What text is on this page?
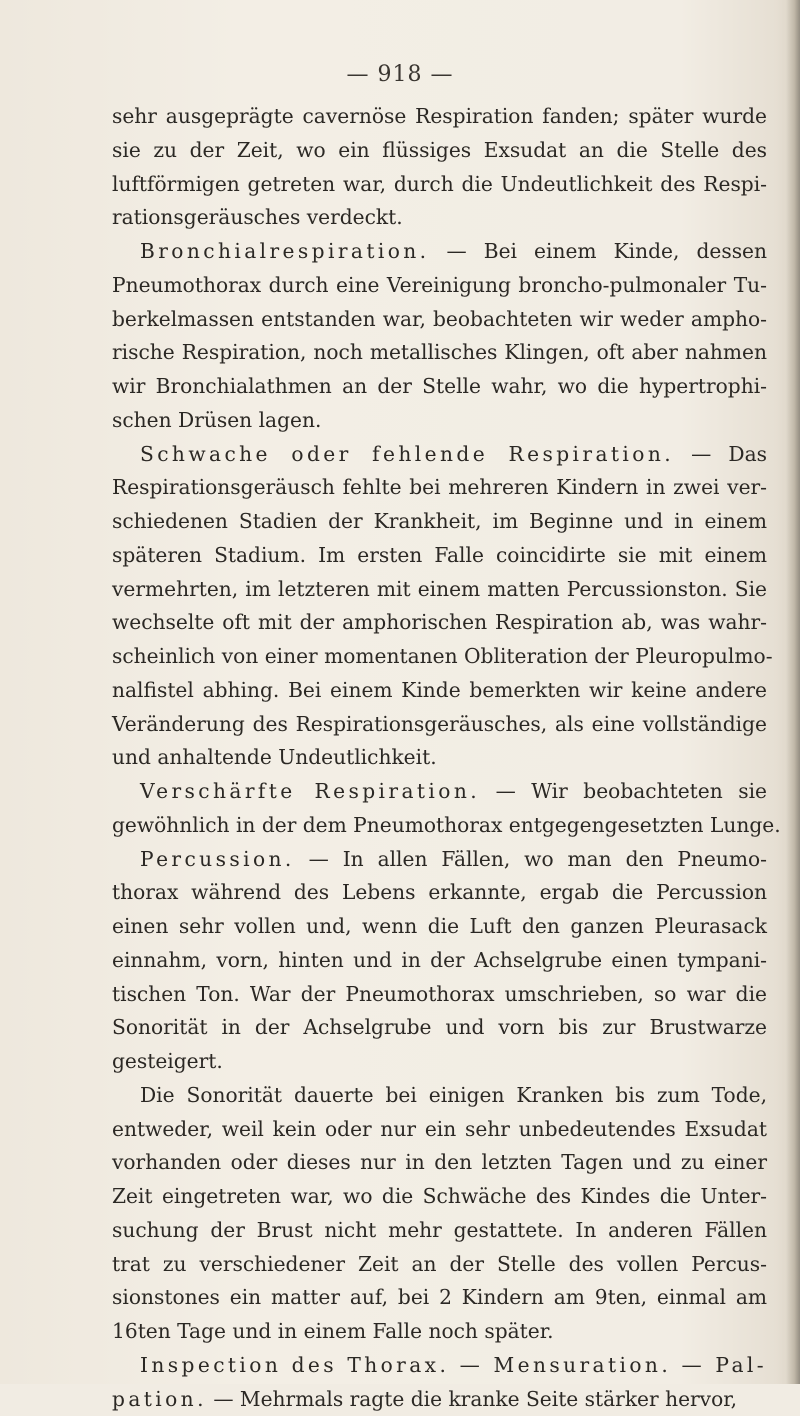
— 918 —
sehr ausgeprägte cavernöse Respiration fanden; später wurde
sie zu der Zeit, wo ein flüssiges Exsudat an die Stelle des
luftförmigen getreten war, durch die Undeutlichkeit des Respi-
rationsgeräusches verdeckt.
Bronchialrespiration. — Bei einem Kinde, dessen
Pneumothorax durch eine Vereinigung broncho-pulmonaler Tu-
berkelmassen entstanden war, beobachteten wir weder ampho-
rische Respiration, noch metallisches Klingen, oft aber nahmen
wir Bronchialathmen an der Stelle wahr, wo die hypertrophi-
schen Drüsen lagen.
Schwache oder fehlende Respiration. — Das
Respirationsgeräusch fehlte bei mehreren Kindern in zwei ver-
schiedenen Stadien der Krankheit, im Beginne und in einem
späteren Stadium. Im ersten Falle coincidirte sie mit einem
vermehrten, im letzteren mit einem matten Percussionston. Sie
wechselte oft mit der amphorischen Respiration ab, was wahr-
scheinlich von einer momentanen Obliteration der Pleuropulmo-
nalfistel abhing. Bei einem Kinde bemerkten wir keine andere
Veränderung des Respirationsgeräusches, als eine vollständige
und anhaltende Undeutlichkeit.
Verschärfte Respiration. — Wir beobachteten sie
gewöhnlich in der dem Pneumothorax entgegengesetzten Lunge.
Percussion. — In allen Fällen, wo man den Pneumo-
thorax während des Lebens erkannte, ergab die Percussion
einen sehr vollen und, wenn die Luft den ganzen Pleurasack
einnahm, vorn, hinten und in der Achselgrube einen tympani-
tischen Ton. War der Pneumothorax umschrieben, so war die
Sonorität in der Achselgrube und vorn bis zur Brustwarze
gesteigert.
Die Sonorität dauerte bei einigen Kranken bis zum Tode,
entweder, weil kein oder nur ein sehr unbedeutendes Exsudat
vorhanden oder dieses nur in den letzten Tagen und zu einer
Zeit eingetreten war, wo die Schwäche des Kindes die Unter-
suchung der Brust nicht mehr gestattete. In anderen Fällen
trat zu verschiedener Zeit an der Stelle des vollen Percus-
sionstones ein matter auf, bei 2 Kindern am 9ten, einmal am
16ten Tage und in einem Falle noch später.
Inspection des Thorax. — Mensuration. — Pal-
pation. — Mehrmals ragte die kranke Seite stärker hervor,
